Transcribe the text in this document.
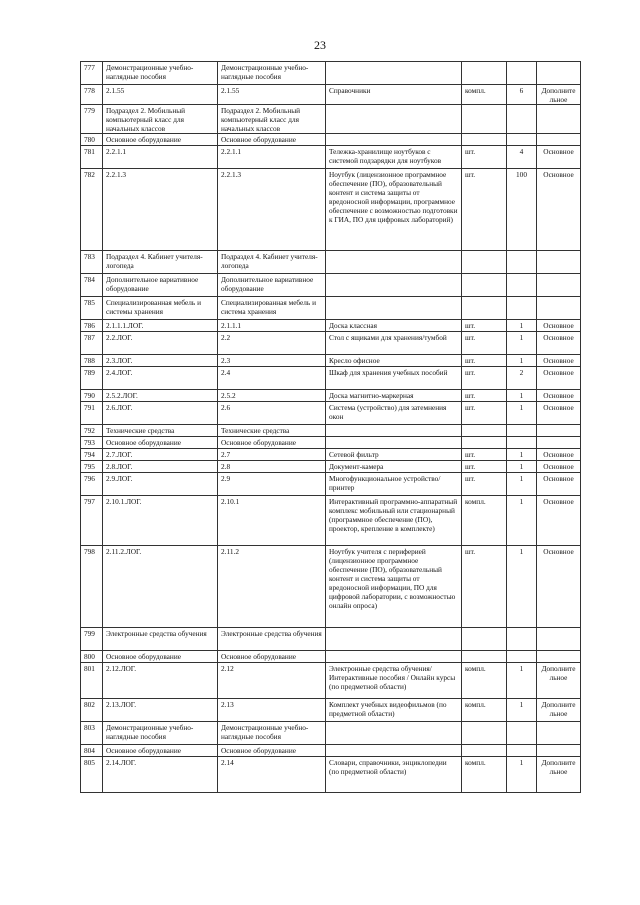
23
777	Демонстрационные учебно-наглядные пособия	Демонстрационные учебно-наглядные пособия				
778	2.1.55	2.1.55	Справочники	компл.	6	Дополнительное
779	Подраздел 2. Мобильный компьютерный класс для начальных классов	Подраздел 2. Мобильный компьютерный класс для начальных классов				
780	Основное оборудование	Основное оборудование				
781	2.2.1.1	2.2.1.1	Тележка-хранилище ноутбуков с системой подзарядки для ноутбуков	шт.	4	Основное
782	2.2.1.3	2.2.1.3	Ноутбук (лицензионное программное обеспечение (ПО), образовательный контент и система защиты от вредоносной информации, программное обеспечение с возможностью подготовки к ГИА, ПО для цифровых лабораторий)	шт.	100	Основное
783	Подраздел 4. Кабинет учителя-логопеда	Подраздел 4. Кабинет учителя-логопеда				
784	Дополнительное вариативное оборудование	Дополнительное вариативное оборудование				
785	Специализированная мебель и системы хранения	Специализированная мебель и система хранения				
786	2.1.1.1.ЛОГ.	2.1.1.1	Доска классная	шт.	1	Основное
787	2.2.ЛОГ.	2.2	Стол с ящиками для хранения/тумбой	шт.	1	Основное
788	2.3.ЛОГ.	2.3	Кресло офисное	шт.	1	Основное
789	2.4.ЛОГ.	2.4	Шкаф для хранения учебных пособий	шт.	2	Основное
790	2.5.2.ЛОГ.	2.5.2	Доска магнитно-маркерная	шт.	1	Основное
791	2.6.ЛОГ.	2.6	Система (устройство) для затемнения окон	шт.	1	Основное
792	Технические средства	Технические средства				
793	Основное оборудование	Основное оборудование				
794	2.7.ЛОГ.	2.7	Сетевой фильтр	шт.	1	Основное
795	2.8.ЛОГ.	2.8	Документ-камера	шт.	1	Основное
796	2.9.ЛОГ.	2.9	Многофункциональное устройство/принтер	шт.	1	Основное
797	2.10.1.ЛОГ.	2.10.1	Интерактивный программно-аппаратный комплекс мобильный или стационарный (программное обеспечение (ПО), проектор, крепление в комплекте)	компл.	1	Основное
798	2.11.2.ЛОГ.	2.11.2	Ноутбук учителя с периферией (лицензионное программное обеспечение (ПО), образовательный контент и система защиты от вредоносной информации, ПО для цифровой лаборатории, с возможностью онлайн опроса)	шт.	1	Основное
799	Электронные средства обучения	Электронные средства обучения				
800	Основное оборудование	Основное оборудование				
801	2.12.ЛОГ.	2.12	Электронные средства обучения/Интерактивные пособия / Онлайн курсы (по предметной области)	компл.	1	Дополнительное
802	2.13.ЛОГ.	2.13	Комплект учебных видеофильмов (по предметной области)	компл.	1	Дополнительное
803	Демонстрационные учебно-наглядные пособия	Демонстрационные учебно-наглядные пособия				
804	Основное оборудование	Основное оборудование				
805	2.14.ЛОГ.	2.14	Словари, справочники, энциклопедии (по предметной области)	компл.	1	Дополнительное
